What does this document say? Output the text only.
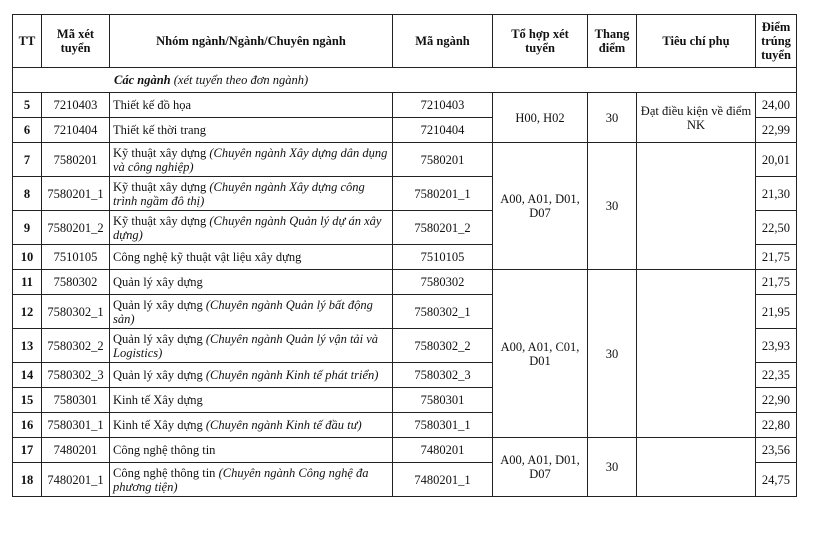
TT	Mã xét tuyển	Nhóm ngành/Ngành/Chuyên ngành	Mã ngành	Tổ hợp xét tuyển	Thang điểm	Tiêu chí phụ	Điểm trúng tuyển
Các ngành (xét tuyển theo đơn ngành)							
5	7210403	Thiết kế đồ họa	7210403	H00, H02	30	Đạt điều kiện về điểm NK	24,00
6	7210404	Thiết kế thời trang	7210404				22,99
7	7580201	Kỹ thuật xây dựng (Chuyên ngành Xây dựng dân dụng và công nghiệp)	7580201	A00, A01, D01, D07	30		20,01
8	7580201_1	Kỹ thuật xây dựng (Chuyên ngành Xây dựng công trình ngầm đô thị)	7580201_1				21,30
9	7580201_2	Kỹ thuật xây dựng (Chuyên ngành Quản lý dự án xây dựng)	7580201_2				22,50
10	7510105	Công nghệ kỹ thuật vật liệu xây dựng	7510105				21,75
11	7580302	Quản lý xây dựng	7580302	A00, A01, C01, D01	30		21,75
12	7580302_1	Quản lý xây dựng (Chuyên ngành Quản lý bất động sản)	7580302_1				21,95
13	7580302_2	Quản lý xây dựng (Chuyên ngành Quản lý vận tải và Logistics)	7580302_2				23,93
14	7580302_3	Quản lý xây dựng (Chuyên ngành Kinh tế phát triển)	7580302_3				22,35
15	7580301	Kinh tế Xây dựng	7580301				22,90
16	7580301_1	Kinh tế Xây dựng (Chuyên ngành Kinh tế đầu tư)	7580301_1				22,80
17	7480201	Công nghệ thông tin	7480201	A00, A01, D01, D07	30		23,56
18	7480201_1	Công nghệ thông tin (Chuyên ngành Công nghệ đa phương tiện)	7480201_1				24,75
